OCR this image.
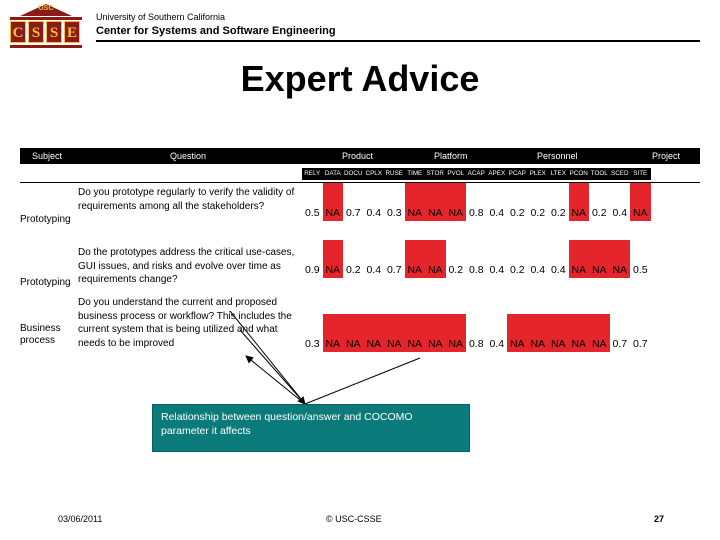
USC
C S S E
University of Southern California
Center for Systems and Software Engineering
Expert Advice
Subject	Question	Product	Platform	Personnel	Project
RELY DATA DOCU CPLX RUSE TIME STOR PVOL ACAP APEX PCAP PLEX LTEX PCON TOOL SCED SITE
Prototyping
Do you prototype regularly to verify the validity of requirements among all the stakeholders?
0.5 NA 0.7 0.4 0.3 NA NA NA 0.8 0.4 0.2 0.2 0.2 NA 0.2 0.4 NA
Prototyping
Do the prototypes address the critical use-cases, GUI issues, and risks and evolve over time as requirements change?
0.9 NA 0.2 0.4 0.7 NA NA 0.2 0.8 0.4 0.2 0.4 0.4 NA NA NA 0.5
Business process
Do you understand the current and proposed business process or workflow? This includes the current system that is being utilized and what needs to be improved	0.3 NA NA NA NA NA NA NA 0.8 0.4 NA NA NA NA NA 0.7 0.7
Relationship between question/answer and COCOMO parameter it affects
03/06/2011	© USC-CSSE	27
